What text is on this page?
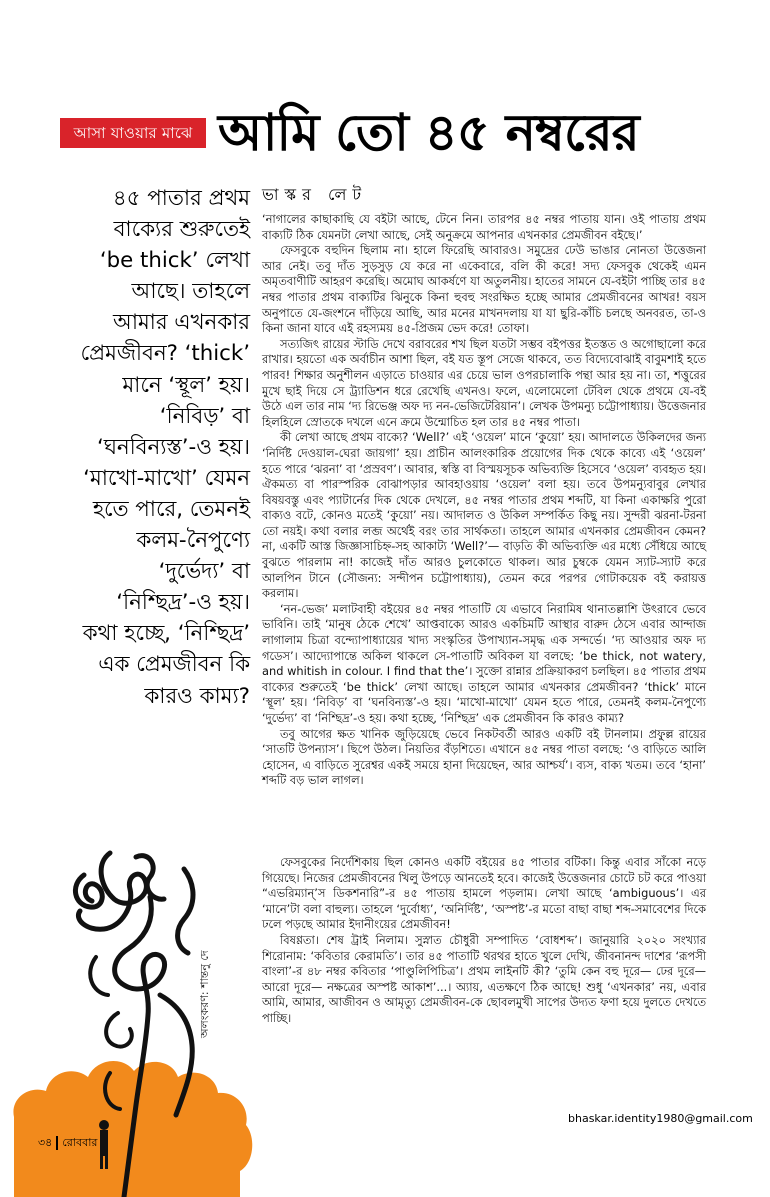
আসা যাওয়ার মাঝে আমি তো ৪৫ নম্বরের
৪৫ পাতার প্রথম বাক্যের শুরুতেই ‘be thick’ লেখা আছে। তাহলে আমার এখনকার প্রেমজীবন? ‘thick’ মানে ‘স্থূল’ হয়। ‘নিবিড়’ বা ‘ঘনবিন্যস্ত’-ও হয়। ‘মাখো-মাখো’ যেমন হতে পারে, তেমনই কলম-নৈপুণ্যে ‘দুর্ভেদ্য’ বা ‘নিশ্ছিদ্র’-ও হয়। কথা হচ্ছে, ‘নিশ্ছিদ্র’ এক প্রেমজীবন কি কারও কাম্য?
ভাস্কর লেট

‘নাগালের কাছাকাছি যে বইটা আছে, টেনে নিন। তারপর ৪৫ নম্বর পাতায় যান। ওই পাতায় প্রথম বাক্যটি ঠিক যেমনটা লেখা আছে, সেই অনুক্রমে আপনার এখনকার প্রেমজীবন বইছে।’

ফেসবুকে বহুদিন ছিলাম না। হালে ফিরেছি আবারও। সমুদ্রের ঢেউ ভাঙার নোনতা উত্তেজনা আর নেই। তবু দাঁত সুড়সুড় যে করে না একেবারে, বলি কী করে! সদ্য ফেসবুক থেকেই এমন অমৃতবাণীটি আহরণ করেছি। অমোঘ আকর্ষণে যা অতুলনীয়। হাতের সামনে যে-বইটা পাচ্ছি তার ৪৫ নম্বর পাতার প্রথম বাক্যটির ঝিনুকে কিনা হুবহু সংরক্ষিত হচ্ছে আমার প্রেমজীবনের আখর! বয়স অনুপাতে যে-জংশনে দাঁড়িয়ে আছি, আর মনের মাখনদলায় যা যা ছুরি-কাঁচি চলছে অনবরত, তা-ও কিনা জানা যাবে এই রহস্যময় ৪৫-প্রিজম ভেদ করে! তোফা।

সত্যজিৎ রায়ের স্টাডি দেখে বরাবরের শখ ছিল যতটা সম্ভব বইপত্তর ইতস্তত ও অগোছালো করে রাখার। হয়তো এক অর্বাচীন আশা ছিল, বই যত স্তূপ সেজে থাকবে, তত বিদ্যেবোঝাই বাবুমশাই হতে পারব! শিক্ষার অনুশীলন এড়াতে চাওয়ার এর চেয়ে ভাল ওপরচালাকি পন্থা আর হয় না। তা, শত্তুরের মুখে ছাই দিয়ে সে ট্র্যাডিশন ধরে রেখেছি এখনও। ফলে, এলোমেলো টেবিল থেকে প্রথমে যে-বই উঠে এল তার নাম ‘দ্য রিভেঞ্জ অফ দ্য নন-ভেজিটেরিয়ান’। লেখক উপমন্যু চট্টোপাধ্যায়। উত্তেজনার হিলহিলে স্রোতকে দখলে এনে ক্রমে উন্মোচিত হল তার ৪৫ নম্বর পাতা।

কী লেখা আছে প্রথম বাক্যে? ‘Well?’ এই ‘ওয়েল’ মানে ‘কুয়ো’ হয়। আদালতে উকিলদের জন্য ‘নির্দিষ্ট দেওয়াল-ঘেরা জায়গা’ হয়। প্রাচীন আলংকারিক প্রয়োগের দিক থেকে কাব্যে এই ‘ওয়েল’ হতে পারে ‘ঝরনা’ বা ‘প্রস্রবণ’। আবার, স্বস্তি বা বিস্ময়সূচক অভিব্যক্তি হিসেবে ‘ওয়েল’ ব্যবহৃত হয়। ঐকমত্য বা পারস্পরিক বোঝাপড়ার আবহাওয়ায় ‘ওয়েল’ বলা হয়। তবে উপমন্যুবাবুর লেখার বিষয়বস্তু এবং প্যাটার্নের দিক থেকে দেখলে, ৪৫ নম্বর পাতার প্রথম শব্দটি, যা কিনা একাক্ষরি পুরো বাক্যও বটে, কোনও মতেই ‘কুয়ো’ নয়। আদালত ও উকিল সম্পর্কিত কিছু নয়। সুন্দরী ঝরনা-টরনা তো নয়ই। কথা বলার লব্জ অর্থেই বরং তার সার্থকতা। তাহলে আমার এখনকার প্রেমজীবন কেমন? না, একটি আস্ত জিজ্ঞাসাচিহ্ন-সহ আকাট্য ‘Well?’— বাড়তি কী অভিব্যক্তি এর মধ্যে সেঁধিয়ে আছে বুঝতে পারলাম না! কাজেই দাঁত আরও চুলকোতে থাকল। আর চুম্বকে যেমন স্যাট-স্যাট করে আলপিন টানে (সৌজন্য: সন্দীপন চট্টোপাধ্যায়), তেমন করে পরপর গোটাকয়েক বই করায়ত্ত করলাম।

‘নন-ভেজ’ মলাটবাহী বইয়ের ৪৫ নম্বর পাতাটি যে এভাবে নিরামিষ থানাতল্লাশি উৎরাবে ভেবে ভাবিনি। তাই ‘মানুষ ঠেকে শেখে’ আপ্তবাক্যে আরও একচিমটি আস্থার বারুদ ঠেসে এবার আন্দাজ লাগালাম চিত্রা বন্দ্যোপাধ্যায়ের খাদ্য সংস্কৃতির উপাখ্যান-সমৃদ্ধ এক সন্দর্ভে। ‘দ্য আওয়ার অফ দ্য গডেস’। আদ্যোপান্তে অকিল থাকলে সে-পাতাটি অবিকল যা বলছে: ‘be thick, not watery, and whitish in colour. I find that the’। সুক্তো রান্নার প্রক্রিয়াকরণ চলছিল। ৪৫ পাতার প্রথম বাক্যের শুরুতেই ‘be thick’ লেখা আছে। তাহলে আমার এখনকার প্রেমজীবন? ‘thick’ মানে ‘স্থূল’ হয়। ‘নিবিড়’ বা ‘ঘনবিন্যস্ত’-ও হয়। ‘মাখো-মাখো’ যেমন হতে পারে, তেমনই কলম-নৈপুণ্যে ‘দুর্ভেদ্য’ বা ‘নিশ্ছিদ্র’-ও হয়। কথা হচ্ছে, ‘নিশ্ছিদ্র’ এক প্রেমজীবন কি কারও কাম্য?

তবু আগের ক্ষত খানিক জুড়িয়েছে ভেবে নিকটবর্তী আরও একটি বই টানলাম। প্রফুল্ল রায়ের ‘সাতটি উপন্যাস’। ছিপে উঠল। নিয়তির বঁড়শিতে। এখানে ৪৫ নম্বর পাতা বলছে: ‘ও বাড়িতে আলি হোসেন, এ বাড়িতে সুরেশ্বর একই সময়ে হানা দিয়েছেন, আর আশ্চর্য’। ব্যস, বাক্য খতম। তবে ‘হানা’ শব্দটি বড় ভাল লাগল।

ফেসবুকের নির্দেশিকায় ছিল কোনও একটি বইয়ের ৪৫ পাতার বটিকা। কিন্তু এবার সাঁকো নড়ে গিয়েছে। নিজের প্রেমজীবনের খিলু উপড়ে আনতেই হবে। কাজেই উত্তেজনার চোটে চট করে পাওয়া “এভরিম্যান্’স ডিকশনারি”-র ৪৫ পাতায় হামলে পড়লাম। লেখা আছে ‘ambiguous’। এর ‘মানে’টা বলা বাহুল্য। তাহলে ‘দুর্বোধ্য’, ‘অনির্দিষ্ট’, ‘অস্পষ্ট’-র মতো বাছা বাছা শব্দ-সমাবেশের দিকে ঢলে পড়ছে আমার ইদানীংয়ের প্রেমজীবন!

বিষণ্ণতা। শেষ ট্রাই নিলাম। সুস্নাত চৌধুরী সম্পাদিত ‘বোধশব্দ’। জানুয়ারি ২০২০ সংখ্যার শিরোনাম: ‘কবিতার কেরামতি’। তার ৪৫ পাতাটি থরথর হাতে খুলে দেখি, জীবনানন্দ দাশের ‘রূপসী বাংলা’-র ৪৮ নম্বর কবিতার ‘পাণ্ডুলিপিচিত্র’। প্রথম লাইনটি কী? ‘তুমি কেন বহু দূরে— ঢের দূরে— আরো দূরে— নক্ষত্রের অস্পষ্ট আকাশ’...। অ্যায়, এতক্ষণে ঠিক আছে! শুধু ‘এখনকার’ নয়, এবার আমি, আমার, আজীবন ও আমৃত্যু প্রেমজীবন-কে ছোবলমুখী সাপের উদ্যত ফণা হয়ে দুলতে দেখতে পাচ্ছি।

bhaskar.identity1980@gmail.com
অলংকরণ: শান্তনু দে
৩৪ রোববার
